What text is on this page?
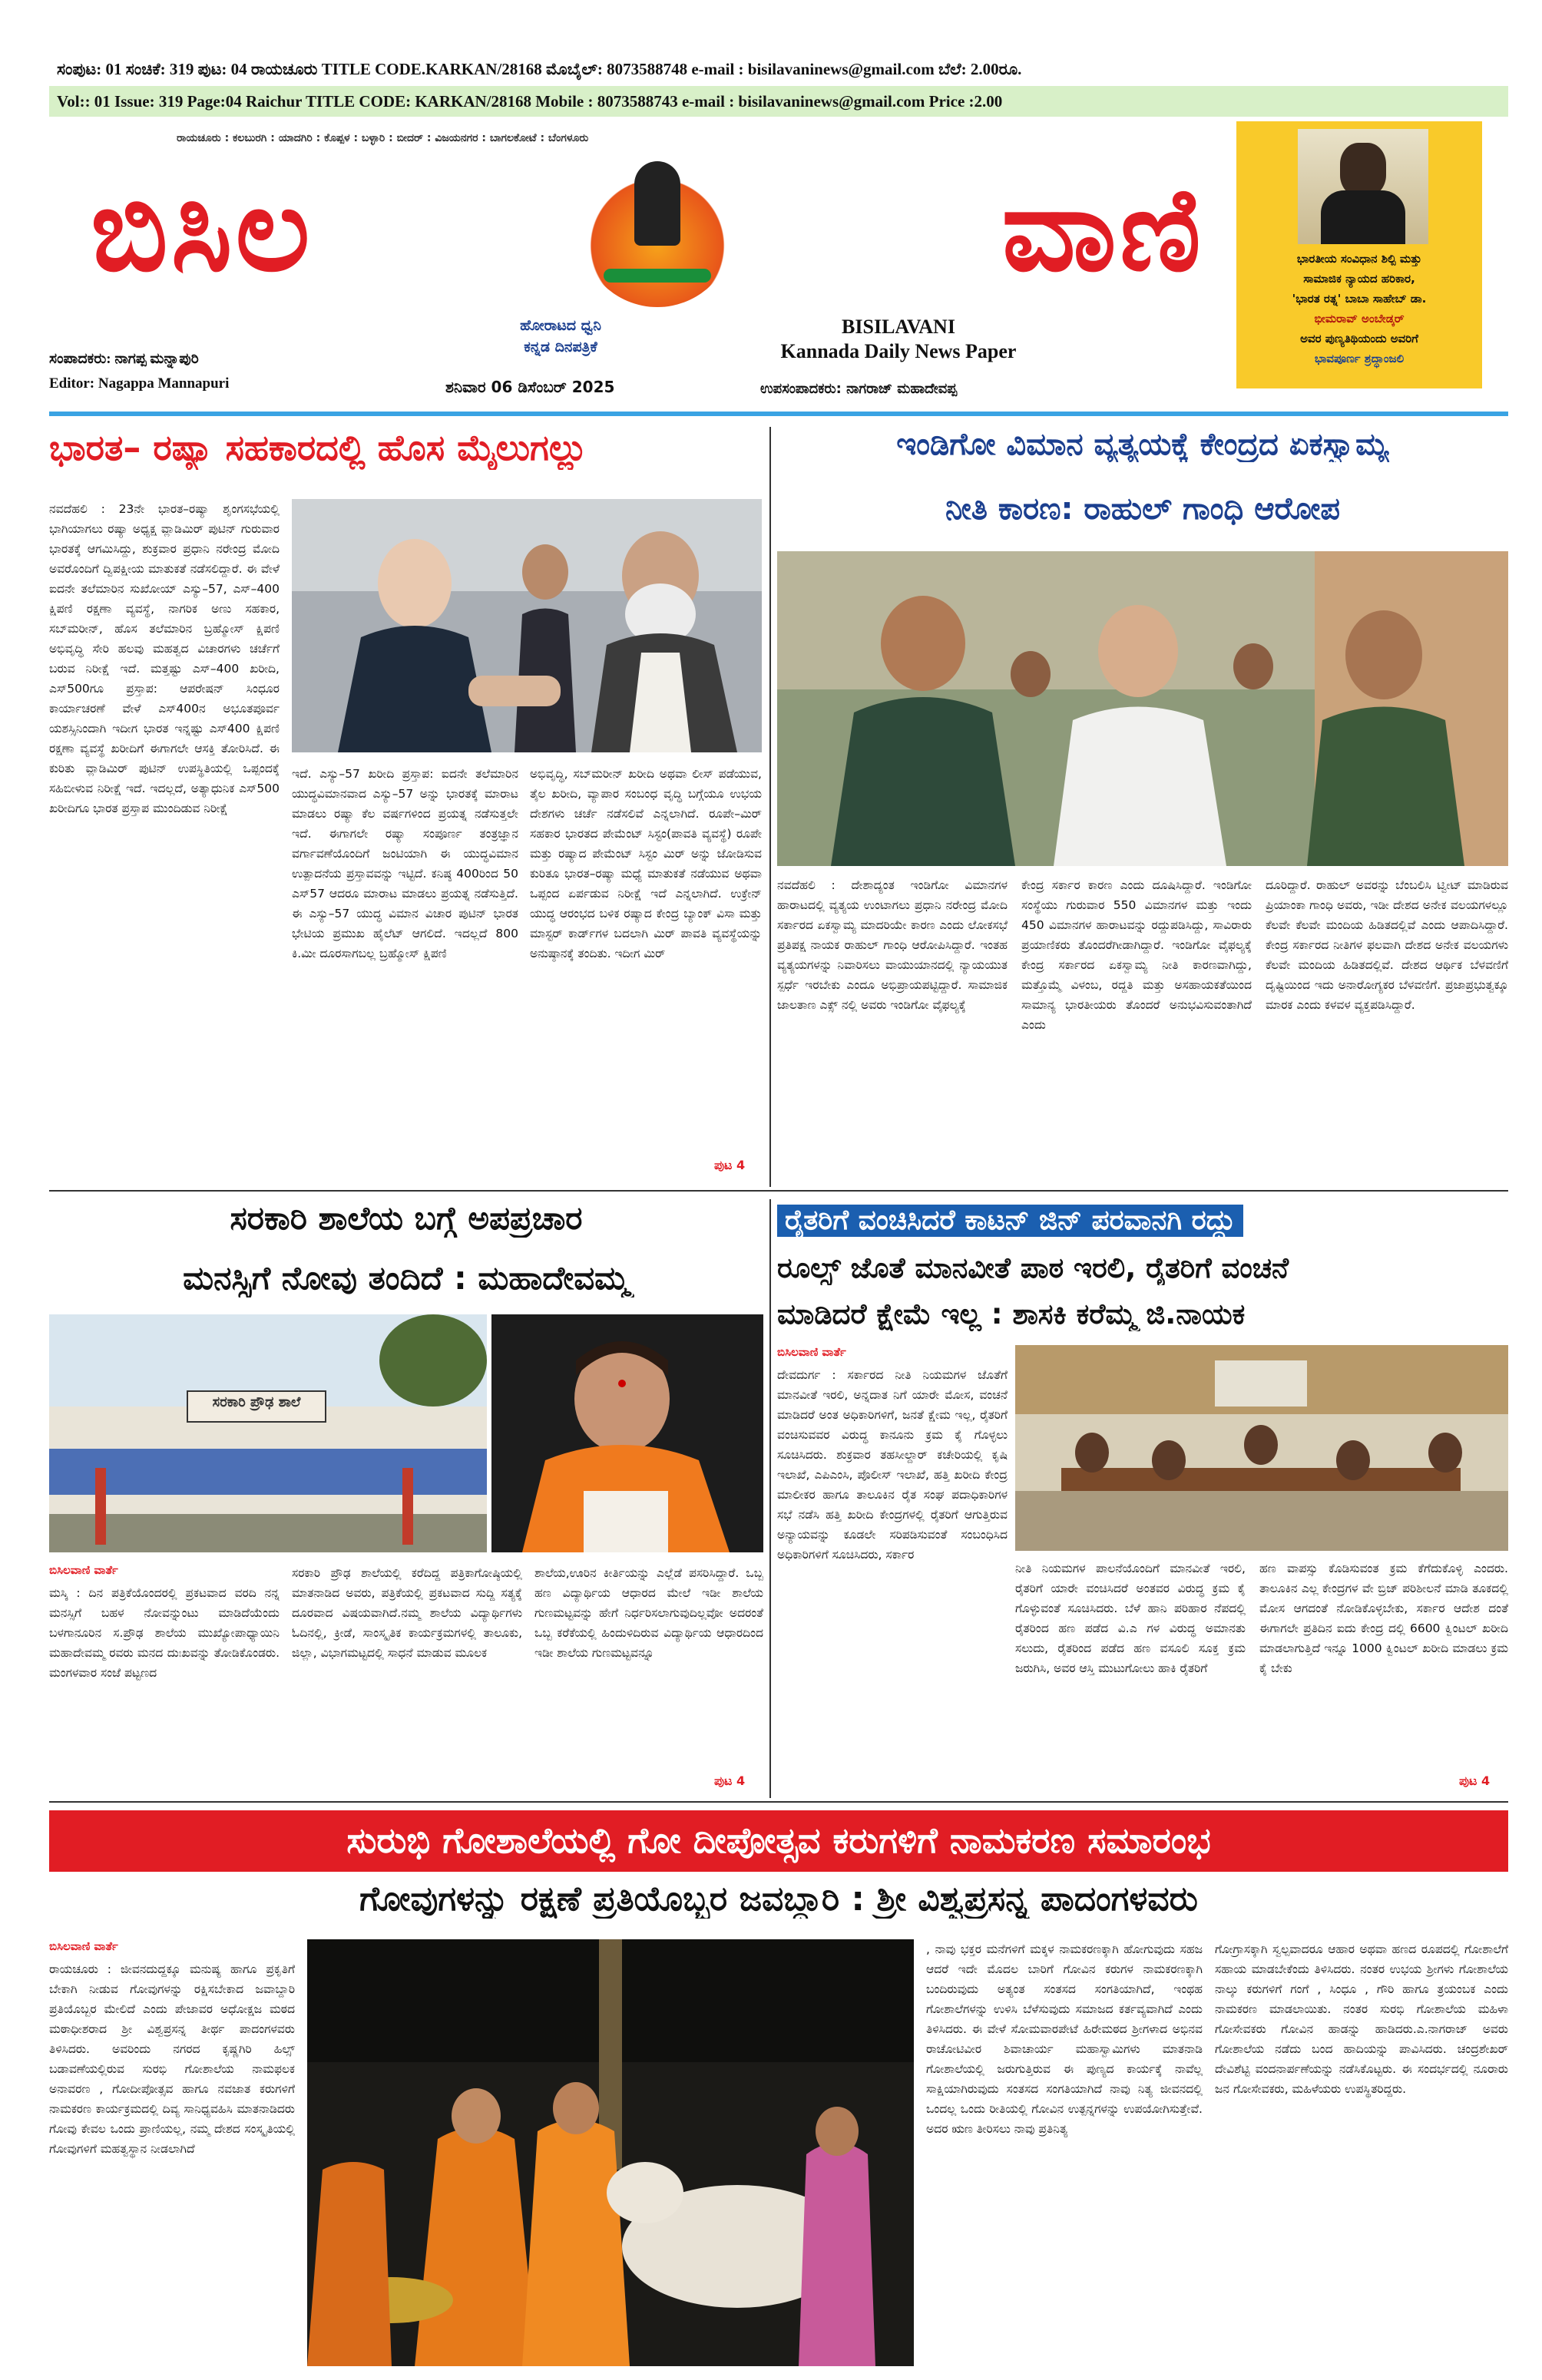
ಸಂಪುಟ: 01 ಸಂಚಿಕೆ: 319 ಪುಟ: 04 ರಾಯಚೂರು TITLE CODE.KARKAN/28168 ಮೊಬೈಲ್: 8073588748 e-mail : bisilavaninews@gmail.com ಬೆಲೆ: 2.00ರೂ.
Vol:: 01 Issue: 319 Page:04 Raichur TITLE CODE: KARKAN/28168 Mobile : 8073588743 e-mail : bisilavaninews@gmail.com Price :2.00
ರಾಯಚೂರು : ಕಲಬುರಗಿ : ಯಾದಗಿರಿ : ಕೊಪ್ಪಳ : ಬಳ್ಳಾರಿ : ಬೀದರ್ : ವಿಜಯನಗರ : ಬಾಗಲಕೋಟೆ : ಬೆಂಗಳೂರು
ಬಿಸಿಲ	ವಾಣಿ
ಹೋರಾಟದ ಧ್ವನಿ
ಕನ್ನಡ ದಿನಪತ್ರಿಕೆ
BISILAVANI
Kannada Daily News Paper
ಸಂಪಾದಕರು: ನಾಗಪ್ಪ ಮನ್ನಾಪುರಿ
Editor: Nagappa Mannapuri	ಶನಿವಾರ 06 ಡಿಸೆಂಬರ್ 2025	ಉಪಸಂಪಾದಕರು: ನಾಗರಾಜ್ ಮಹಾದೇವಪ್ಪ
ಭಾರತೀಯ ಸಂವಿಧಾನ ಶಿಲ್ಪಿ ಮತ್ತು
ಸಾಮಾಜಿಕ ನ್ಯಾಯದ ಹರಿಕಾರ,
'ಭಾರತ ರತ್ನ' ಬಾಬಾ ಸಾಹೇಬ್ ಡಾ.
ಭೀಮರಾವ್ ಅಂಬೇಡ್ಕರ್
ಅವರ ಪುಣ್ಯತಿಥಿಯಂದು ಅವರಿಗೆ
ಭಾವಪೂರ್ಣ ಶ್ರದ್ಧಾಂಜಲಿ
ಭಾರತ– ರಷ್ಯಾ ಸಹಕಾರದಲ್ಲಿ ಹೊಸ ಮೈಲುಗಲ್ಲು
ನವದೆಹಲಿ : 23ನೇ ಭಾರತ–ರಷ್ಯಾ ಶೃಂಗಸಭೆಯಲ್ಲಿ ಭಾಗಿಯಾಗಲು ರಷ್ಯಾ ಅಧ್ಯಕ್ಷ ವ್ಲಾಡಿಮಿರ್ ಪುಟಿನ್ ಗುರುವಾರ ಭಾರತಕ್ಕೆ ಆಗಮಿಸಿದ್ದು, ಶುಕ್ರವಾರ ಪ್ರಧಾನಿ ನರೇಂದ್ರ ಮೋದಿ ಅವರೊಂದಿಗೆ ದ್ವಿಪಕ್ಷೀಯ ಮಾತುಕತೆ ನಡೆಸಲಿದ್ದಾರೆ. ಈ ವೇಳೆ ಐದನೇ ತಲೆಮಾರಿನ ಸುಖೋಯ್ ಎಸ್ಯು–57, ಎಸ್–400 ಕ್ಷಿಪಣಿ ರಕ್ಷಣಾ ವ್ಯವಸ್ಥೆ, ನಾಗರಿಕ ಅಣು ಸಹಕಾರ, ಸಬ್‌ಮರೀನ್, ಹೊಸ ತಲೆಮಾರಿನ ಬ್ರಹ್ಮೋಸ್ ಕ್ಷಿಪಣಿ ಅಭಿವೃದ್ಧಿ ಸೇರಿ ಹಲವು ಮಹತ್ವದ ವಿಚಾರಗಳು ಚರ್ಚೆಗೆ ಬರುವ ನಿರೀಕ್ಷೆ ಇದೆ. ಮತ್ತಷ್ಟು ಎಸ್–400 ಖರೀದಿ, ಎಸ್500ಗೂ ಪ್ರಸ್ತಾಪ: ಆಪರೇಷನ್ ಸಿಂಧೂರ ಕಾರ್ಯಾಚರಣೆ ವೇಳೆ ಎಸ್400ನ ಅಭೂತಪೂರ್ವ ಯಶಸ್ಸಿನಿಂದಾಗಿ ಇದೀಗ ಭಾರತ ಇನ್ನಷ್ಟು ಎಸ್400 ಕ್ಷಿಪಣಿ ರಕ್ಷಣಾ ವ್ಯವಸ್ಥೆ ಖರೀದಿಗೆ ಈಗಾಗಲೇ ಆಸಕ್ತಿ ತೋರಿಸಿದೆ. ಈ ಕುರಿತು ವ್ಲಾಡಿಮಿರ್ ಪುಟಿನ್ ಉಪಸ್ಥಿತಿಯಲ್ಲಿ ಒಪ್ಪಂದಕ್ಕೆ ಸಹಿಬೀಳುವ ನಿರೀಕ್ಷೆ ಇದೆ. ಇದಲ್ಲದೆ, ಅತ್ಯಾಧುನಿಕ ಎಸ್500 ಖರೀದಿಗೂ ಭಾರತ ಪ್ರಸ್ತಾಪ ಮುಂದಿಡುವ ನಿರೀಕ್ಷೆ
ಇದೆ. ಎಸ್ಯು–57 ಖರೀದಿ ಪ್ರಸ್ತಾಪ: ಐದನೇ ತಲೆಮಾರಿನ ಯುದ್ಧವಿಮಾನವಾದ ಎಸ್ಯು–57 ಅನ್ನು ಭಾರತಕ್ಕೆ ಮಾರಾಟ ಮಾಡಲು ರಷ್ಯಾ ಕೆಲ ವರ್ಷಗಳಿಂದ ಪ್ರಯತ್ನ ನಡೆಸುತ್ತಲೇ ಇದೆ. ಈಗಾಗಲೇ ರಷ್ಯಾ ಸಂಪೂರ್ಣ ತಂತ್ರಜ್ಞಾನ ವರ್ಗಾವಣೆಯೊಂದಿಗೆ ಜಂಟಿಯಾಗಿ ಈ ಯುದ್ಧವಿಮಾನ ಉತ್ಪಾದನೆಯ ಪ್ರಸ್ತಾವವನ್ನು ಇಟ್ಟಿದೆ. ಕನಿಷ್ಠ 400ರಿಂದ 50 ಎಸ್57 ಆದರೂ ಮಾರಾಟ ಮಾಡಲು ಪ್ರಯತ್ನ ನಡೆಸುತ್ತಿದೆ. ಈ ಎಸ್ಯು–57 ಯುದ್ಧ ವಿಮಾನ ವಿಚಾರ ಪುಟಿನ್ ಭಾರತ ಭೇಟಿಯ ಪ್ರಮುಖ ಹೈಲೆಟ್ ಆಗಲಿದೆ. ಇದಲ್ಲದೆ 800 ಕಿ.ಮೀ ದೂರಸಾಗಬಲ್ಲ ಬ್ರಹ್ಮೋಸ್ ಕ್ಷಿಪಣಿ
ಅಭಿವೃದ್ಧಿ, ಸಬ್‌ಮರೀನ್ ಖರೀದಿ ಅಥವಾ ಲೀಸ್ ಪಡೆಯುವ, ತೈಲ ಖರೀದಿ, ವ್ಯಾಪಾರ ಸಂಬಂಧ ವೃದ್ಧಿ ಬಗ್ಗೆಯೂ ಉಭಯ ದೇಶಗಳು ಚರ್ಚೆ ನಡೆಸಲಿವೆ ಎನ್ನಲಾಗಿದೆ. ರೂಪೇ–ಮಿರ್ ಸಹಕಾರ ಭಾರತದ ಪೇಮೆಂಟ್ ಸಿಸ್ಟಂ(ಪಾವತಿ ವ್ಯವಸ್ಥೆ) ರೂಪೇ ಮತ್ತು ರಷ್ಯಾದ ಪೇಮೆಂಟ್ ಸಿಸ್ಟಂ ಮಿರ್ ಅನ್ನು ಜೋಡಿಸುವ ಕುರಿತೂ ಭಾರತ–ರಷ್ಯಾ ಮಧ್ಯೆ ಮಾತುಕತೆ ನಡೆಯುವ ಅಥವಾ ಒಪ್ಪಂದ ಏರ್ಪಡುವ ನಿರೀಕ್ಷೆ ಇದೆ ಎನ್ನಲಾಗಿದೆ. ಉಕ್ರೇನ್ ಯುದ್ಧ ಆರಂಭದ ಬಳಿಕ ರಷ್ಯಾದ ಕೇಂದ್ರ ಬ್ಯಾಂಕ್ ವಿಸಾ ಮತ್ತು ಮಾಸ್ಟರ್ ಕಾರ್ಡ್‌ಗಳ ಬದಲಾಗಿ ಮಿರ್ ಪಾವತಿ ವ್ಯವಸ್ಥೆಯನ್ನು ಅನುಷ್ಠಾನಕ್ಕೆ ತಂದಿತು. ಇದೀಗ ಮಿರ್
ಪುಟ 4
ಇಂಡಿಗೋ ವಿಮಾನ ವ್ಯತ್ಯಯಕ್ಕೆ ಕೇಂದ್ರದ ಏಕಸ್ವಾಮ್ಯ
ನೀತಿ ಕಾರಣ: ರಾಹುಲ್ ಗಾಂಧಿ ಆರೋಪ
ನವದೆಹಲಿ : ದೇಶಾದ್ಯಂತ ಇಂಡಿಗೋ ವಿಮಾನಗಳ ಹಾರಾಟದಲ್ಲಿ ವ್ಯತ್ಯಯ ಉಂಟಾಗಲು ಪ್ರಧಾನಿ ನರೇಂದ್ರ ಮೋದಿ ಸರ್ಕಾರದ ಏಕಸ್ವಾಮ್ಯ ಮಾದರಿಯೇ ಕಾರಣ ಎಂದು ಲೋಕಸಭೆ ಪ್ರತಿಪಕ್ಷ ನಾಯಕ ರಾಹುಲ್ ಗಾಂಧಿ ಆರೋಪಿಸಿದ್ದಾರೆ. ಇಂತಹ ವ್ಯತ್ಯಯಗಳನ್ನು ನಿವಾರಿಸಲು ವಾಯುಯಾನದಲ್ಲಿ ನ್ಯಾಯಯುತ ಸ್ಪರ್ಧೆ ಇರಬೇಕು ಎಂದೂ ಅಭಿಪ್ರಾಯಪಟ್ಟಿದ್ದಾರೆ. ಸಾಮಾಜಿಕ ಜಾಲತಾಣ ಎಕ್ಸ್ ನಲ್ಲಿ ಅವರು ಇಂಡಿಗೋ ವೈಫಲ್ಯಕ್ಕೆ
ಕೇಂದ್ರ ಸರ್ಕಾರ ಕಾರಣ ಎಂದು ದೂಷಿಸಿದ್ದಾರೆ. ಇಂಡಿಗೋ ಸಂಸ್ಥೆಯು ಗುರುವಾರ 550 ವಿಮಾನಗಳ ಮತ್ತು ಇಂದು 450 ವಿಮಾನಗಳ ಹಾರಾಟವನ್ನು ರದ್ದುಪಡಿಸಿದ್ದು, ಸಾವಿರಾರು ಪ್ರಯಾಣಿಕರು ತೊಂದರೆಗೀಡಾಗಿದ್ದಾರೆ. ಇಂಡಿಗೋ ವೈಫಲ್ಯಕ್ಕೆ ಕೇಂದ್ರ ಸರ್ಕಾರದ ಏಕಸ್ವಾಮ್ಯ ನೀತಿ ಕಾರಣವಾಗಿದ್ದು, ಮತ್ತೊಮ್ಮೆ ವಿಳಂಬ, ರದ್ದತಿ ಮತ್ತು ಅಸಹಾಯಕತೆಯಿಂದ ಸಾಮಾನ್ಯ ಭಾರತೀಯರು ತೊಂದರೆ ಅನುಭವಿಸುವಂತಾಗಿದೆ ಎಂದು
ದೂರಿದ್ದಾರೆ. ರಾಹುಲ್ ಅವರನ್ನು ಬೆಂಬಲಿಸಿ ಟ್ವೀಟ್ ಮಾಡಿರುವ ಪ್ರಿಯಾಂಕಾ ಗಾಂಧಿ ಅವರು, ಇಡೀ ದೇಶದ ಅನೇಕ ವಲಯಗಳಲ್ಲೂ ಕೆಲವೇ ಕೆಲವೇ ಮಂದಿಯ ಹಿಡಿತದಲ್ಲಿವೆ ಎಂದು ಆಪಾದಿಸಿದ್ದಾರೆ. ಕೇಂದ್ರ ಸರ್ಕಾರದ ನೀತಿಗಳ ಫಲವಾಗಿ ದೇಶದ ಅನೇಕ ವಲಯಗಳು ಕೆಲವೇ ಮಂದಿಯ ಹಿಡಿತದಲ್ಲಿವೆ. ದೇಶದ ಆರ್ಥಿಕ ಬೆಳವಣಿಗೆ ದೃಷ್ಟಿಯಿಂದ ಇದು ಅನಾರೋಗ್ಯಕರ ಬೆಳವಣಿಗೆ. ಪ್ರಜಾಪ್ರಭುತ್ವಕ್ಕೂ ಮಾರಕ ಎಂದು ಕಳವಳ ವ್ಯಕ್ತಪಡಿಸಿದ್ದಾರೆ.
ಸರಕಾರಿ ಶಾಲೆಯ ಬಗ್ಗೆ ಅಪಪ್ರಚಾರ
ಮನಸ್ಸಿಗೆ ನೋವು ತಂದಿದೆ : ಮಹಾದೇವಮ್ಮ
ಸರಕಾರಿ ಪ್ರೌಢ ಶಾಲೆ
ಬಿಸಿಲವಾಣಿ ವಾರ್ತೆ
ಮಸ್ಕಿ : ದಿನ ಪತ್ರಿಕೆಯೊಂದರಲ್ಲಿ ಪ್ರಕಟವಾದ ವರದಿ ನನ್ನ ಮನಸ್ಸಿಗೆ ಬಹಳ ನೋವನ್ನುಂಟು ಮಾಡಿದೆಯೆಂದು ಬಳಗಾನೂರಿನ ಸ.ಪ್ರೌಢ ಶಾಲೆಯ ಮುಖ್ಯೋಪಾಧ್ಯಾಯಿನಿ ಮಹಾದೇವಮ್ಮ ರವರು ಮನದ ದುಃಖವನ್ನು ತೋಡಿಕೊಂಡರು. ಮಂಗಳವಾರ ಸಂಜೆ ಪಟ್ಟಣದ
ಸರಕಾರಿ ಪ್ರೌಢ ಶಾಲೆಯಲ್ಲಿ ಕರೆದಿದ್ದ ಪತ್ರಿಕಾಗೋಷ್ಠಿಯಲ್ಲಿ ಮಾತನಾಡಿದ ಅವರು, ಪತ್ರಿಕೆಯಲ್ಲಿ ಪ್ರಕಟವಾದ ಸುದ್ದಿ ಸತ್ಯಕ್ಕೆ ದೂರವಾದ ವಿಷಯವಾಗಿದೆ.ನಮ್ಮ ಶಾಲೆಯ ವಿದ್ಯಾರ್ಥಿಗಳು ಓದಿನಲ್ಲಿ, ಕ್ರೀಡೆ, ಸಾಂಸ್ಕೃತಿಕ ಕಾರ್ಯಕ್ರಮಗಳಲ್ಲಿ ತಾಲೂಕು, ಜಿಲ್ಲಾ, ವಿಭಾಗಮಟ್ಟದಲ್ಲಿ ಸಾಧನೆ ಮಾಡುವ ಮೂಲಕ
ಶಾಲೆಯ,ಊರಿನ ಕೀರ್ತಿಯನ್ನು ಎಲ್ಲೆಡೆ ಪಸರಿಸಿದ್ದಾರೆ. ಒಬ್ಬ ಹಣ ವಿದ್ಯಾರ್ಥಿಯ ಆಧಾರದ ಮೇಲೆ ಇಡೀ ಶಾಲೆಯ ಗುಣಮಟ್ಟವನ್ನು ಹೇಗೆ ನಿರ್ಧರಿಸಲಾಗುವುದಿಲ್ಲವೋ ಅದರಂತೆ ಒಬ್ಬ ಕರೆಕೆಯಲ್ಲಿ ಹಿಂದುಳಿದಿರುವ ವಿದ್ಯಾರ್ಥಿಯ ಆಧಾರದಿಂದ ಇಡೀ ಶಾಲೆಯ ಗುಣಮಟ್ಟವನ್ನೂ
ಪುಟ 4
ರೈತರಿಗೆ ವಂಚಿಸಿದರೆ ಕಾಟನ್ ಜಿನ್ ಪರವಾನಗಿ ರದ್ದು
ರೂಲ್ಸ್ ಜೊತೆ ಮಾನವೀತೆ ಪಾಠ ಇರಲಿ, ರೈತರಿಗೆ ವಂಚನೆ
ಮಾಡಿದರೆ ಕ್ಷೇಮೆ ಇಲ್ಲ : ಶಾಸಕಿ ಕರೆಮ್ಮ ಜಿ.ನಾಯಕ
ಬಿಸಿಲವಾಣಿ ವಾರ್ತೆ
ದೇವದುರ್ಗ : ಸರ್ಕಾರದ ನೀತಿ ನಿಯಮಗಳ ಜೊತೆಗೆ ಮಾನವೀತೆ ಇರಲಿ, ಅನ್ನದಾತ ನಿಗೆ ಯಾರೇ ಮೋಸ, ವಂಚನೆ ಮಾಡಿದರೆ ಅಂತ ಅಧಿಕಾರಿಗಳಿಗೆ, ಜನತೆ ಕ್ಷೇಮ ಇಲ್ಲ, ರೈತರಿಗೆ ವಂಚಿಸುವವರ ವಿರುದ್ಧ ಕಾನೂನು ಕ್ರಮ ಕೈ ಗೊಳ್ಳಲು ಸೂಚಿಸಿದರು. ಶುಕ್ರವಾರ ತಹಸೀಲ್ದಾರ್ ಕಚೇರಿಯಲ್ಲಿ ಕೃಷಿ ಇಲಾಖೆ, ಎಪಿಎಂಸಿ, ಪೊಲೀಸ್ ಇಲಾಖೆ, ಹತ್ತಿ ಖರೀದಿ ಕೇಂದ್ರ ಮಾಲೀಕರ ಹಾಗೂ ತಾಲೂಕಿನ ರೈತ ಸಂಘ ಪದಾಧಿಕಾರಿಗಳ ಸಭೆ ನಡೆಸಿ ಹತ್ತಿ ಖರೀದಿ ಕೇಂದ್ರಗಳಲ್ಲಿ ರೈತರಿಗೆ ಆಗುತ್ತಿರುವ ಅನ್ಯಾಯವನ್ನು ಕೂಡಲೇ ಸರಿಪಡಿಸುವಂತೆ ಸಂಬಂಧಿಸಿದ ಅಧಿಕಾರಿಗಳಿಗೆ ಸೂಚಿಸಿದರು, ಸರ್ಕಾರ
ನೀತಿ ನಿಯಮಗಳ ಪಾಲನೆಯೊಂದಿಗೆ ಮಾನವೀತೆ ಇರಲಿ, ರೈತರಿಗೆ ಯಾರೇ ವಂಚಿಸಿದರೆ ಅಂತವರ ವಿರುದ್ಧ ಕ್ರಮ ಕೈ ಗೊಳ್ಳುವಂತೆ ಸೂಚಿಸಿದರು. ಬೆಳೆ ಹಾನಿ ಪರಿಹಾರ ನೆಪದಲ್ಲಿ ರೈತರಿಂದ ಹಣ ಪಡೆದ ವಿ.ಎ ಗಳ ವಿರುದ್ಧ ಅಮಾನತು ಸಲುದು, ರೈತರಿಂದ ಪಡೆದ ಹಣ ವಸೂಲಿ ಸೂಕ್ತ ಕ್ರಮ ಜರುಗಿಸಿ, ಅವರ ಆಸ್ತಿ ಮುಟುಗೋಲು ಹಾಕಿ ರೈತರಿಗೆ
ಹಣ ವಾಪಸ್ಸು ಕೊಡಿಸುವಂತ ಕ್ರಮ ಕೆಗೆದುಕೊಳ್ಳಿ ಎಂದರು. ತಾಲೂಕಿನ ಎಲ್ಲ ಕೇಂದ್ರಗಳ ವೇ ಬ್ರಿಜ್ ಪರಿಶೀಲನೆ ಮಾಡಿ ತೂಕದಲ್ಲಿ ಮೋಸ ಆಗದಂತೆ ನೋಡಿಕೊಳ್ಳಬೇಕು, ಸರ್ಕಾರ ಆದೇಶ ದಂತೆ ಈಗಾಗಲೇ ಪ್ರತಿದಿನ ಐದು ಕೇಂದ್ರ ದಲ್ಲಿ 6600 ಕ್ವಿಂಟಲ್ ಖರೀದಿ ಮಾಡಲಾಗುತ್ತಿದೆ ಇನ್ನೂ 1000 ಕ್ವಿಂಟಲ್ ಖರೀದಿ ಮಾಡಲು ಕ್ರಮ ಕೈ ಬೇಕು
ಪುಟ 4
ಸುರುಭಿ ಗೋಶಾಲೆಯಲ್ಲಿ ಗೋ ದೀಪೋತ್ಸವ ಕರುಗಳಿಗೆ ನಾಮಕರಣ ಸಮಾರಂಭ
ಗೋವುಗಳನ್ನು ರಕ್ಷಣೆ ಪ್ರತಿಯೊಬ್ಬರ ಜವಬ್ದಾರಿ : ಶ್ರೀ ವಿಶ್ವಪ್ರಸನ್ನ ಪಾದಂಗಳವರು
ಬಿಸಿಲವಾಣಿ ವಾರ್ತೆ
ರಾಯಚೂರು : ಜೀವನದುದ್ದಕ್ಕೂ ಮನುಷ್ಯ ಹಾಗೂ ಪ್ರಕೃತಿಗೆ ಬೇಕಾಗಿ ನೀಡುವ ಗೋವುಗಳನ್ನು ರಕ್ಷಿಸಬೇಕಾದ ಜವಾಬ್ದಾರಿ ಪ್ರತಿಯೊಬ್ಬರ ಮೇಲಿದೆ ಎಂದು ಪೇಜಾವರ ಅಧೋಕ್ಷಜ ಮಠದ ಮಠಾಧೀಶರಾದ ಶ್ರೀ ವಿಶ್ವಪ್ರಸನ್ನ ತೀರ್ಥ ಪಾದಂಗಳವರು ತಿಳಿಸಿದರು. ಅವರಿಂದು ನಗರದ ಕೃಷ್ಣಗಿರಿ ಹಿಲ್ಸ್ ಬಡಾವಣೆಯಲ್ಲಿರುವ ಸುರಭಿ ಗೋಶಾಲೆಯ ನಾಮಫಲಕ ಅನಾವರಣ , ಗೋದೀಪೋತ್ಸವ ಹಾಗೂ ನವಜಾತ ಕರುಗಳಿಗೆ ನಾಮಕರಣ ಕಾರ್ಯಕ್ರಮದಲ್ಲಿ ದಿವ್ಯ ಸಾನಿಧ್ಯವಹಿಸಿ ಮಾತನಾಡಿದರು ಗೋವು ಕೇವಲ ಒಂದು ಪ್ರಾಣಿಯಲ್ಲ, ನಮ್ಮ ದೇಶದ ಸಂಸ್ಕೃತಿಯಲ್ಲಿ ಗೋವುಗಳಿಗೆ ಮಹತ್ವಸ್ಥಾನ ನೀಡಲಾಗಿದೆ
, ನಾವು ಭಕ್ತರ ಮನೆಗಳಿಗೆ ಮಕ್ಕಳ ನಾಮಕರಣಕ್ಕಾಗಿ ಹೋಗುವುದು ಸಹಜ ಆದರೆ ಇದೇ ಮೊದಲ ಬಾರಿಗೆ ಗೋವಿನ ಕರುಗಳ ನಾಮಕರಣಕ್ಕಾಗಿ ಬಂದಿರುವುದು ಅತ್ಯಂತ ಸಂತಸದ ಸಂಗತಿಯಾಗಿದೆ, ಇಂಥಹ ಗೋಶಾಲೆಗಳನ್ನು ಉಳಿಸಿ ಬೆಳೆಸುವುದು ಸಮಾಜದ ಕರ್ತವ್ಯವಾಗಿದೆ ಎಂದು ತಿಳಿಸಿದರು. ಈ ವೇಳೆ ಸೋಮವಾರಪೇಟೆ ಹಿರೇಮಠದ ಶ್ರೀಗಳಾದ ಅಭಿನವ ರಾಚೋಟಿವೀರ ಶಿವಾಚಾರ್ಯ ಮಹಾಸ್ವಾಮಿಗಳು ಮಾತನಾಡಿ ಗೋಶಾಲೆಯಲ್ಲಿ ಜರುಗುತ್ತಿರುವ ಈ ಪುಣ್ಯದ ಕಾರ್ಯಕ್ಕೆ ನಾವೆಲ್ಲ ಸಾಕ್ಷಿಯಾಗಿರುವುದು ಸಂತಸದ ಸಂಗತಿಯಾಗಿದೆ ನಾವು ನಿತ್ಯ ಜೀವನದಲ್ಲಿ ಒಂದಲ್ಲ ಒಂದು ರೀತಿಯಲ್ಲಿ ಗೋವಿನ ಉತ್ಪನ್ನಗಳನ್ನು ಉಪಯೋಗಿಸುತ್ತೇವೆ. ಅದರ ಋಣ ತೀರಿಸಲು ನಾವು ಪ್ರತಿನಿತ್ಯ
ಗೋಗ್ರಾಸಕ್ಕಾಗಿ ಸ್ವಲ್ಪವಾದರೂ ಆಹಾರ ಅಥವಾ ಹಣದ ರೂಪದಲ್ಲಿ ಗೋಶಾಲೆಗೆ ಸಹಾಯ ಮಾಡಬೇಕೆಂದು ತಿಳಿಸಿದರು. ನಂತರ ಉಭಯ ಶ್ರೀಗಳು ಗೋಶಾಲೆಯ ನಾಲ್ಕು ಕರುಗಳಿಗೆ ಗಂಗೆ , ಸಿಂಧೂ , ಗೌರಿ ಹಾಗೂ ತ್ರಯಂಬಕ ಎಂದು ನಾಮಕರಣ ಮಾಡಲಾಯಿತು. ನಂತರ ಸುರಭಿ ಗೋಶಾಲೆಯ ಮಹಿಳಾ ಗೋಸೇವಕರು ಗೋವಿನ ಹಾಡನ್ನು ಹಾಡಿದರು.ಎ.ನಾಗರಾಜ್ ಅವರು ಗೋಶಾಲೆಯ ನಡೆದು ಬಂದ ಹಾದಿಯನ್ನು ಪಾವಿಸಿದರು. ಚಂದ್ರಶೇಖರ್ ದೇವಿಶೆಟ್ಟಿ ವಂದನಾರ್ಪಣೆಯನ್ನು ನಡೆಸಿಕೊಟ್ಟರು. ಈ ಸಂದರ್ಭದಲ್ಲಿ ನೂರಾರು ಜನ ಗೋಸೇವಕರು, ಮಹಿಳೆಯರು ಉಪಸ್ಥಿತರಿದ್ದರು.
